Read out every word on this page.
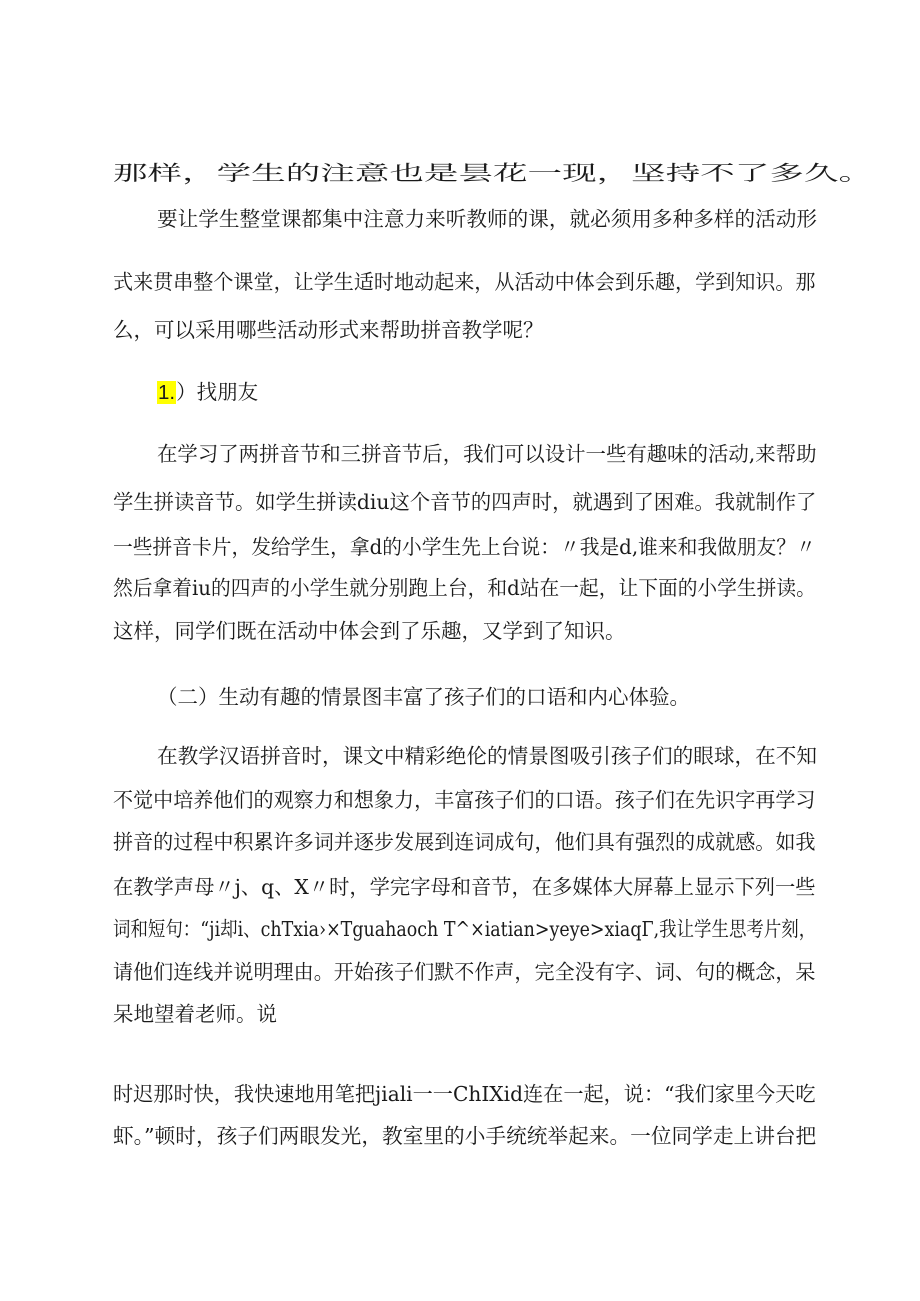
那样，学生的注意也是昙花一现，坚持不了多久。
要让学生整堂课都集中注意力来听教师的课，就必须用多种多样的活动形
式来贯串整个课堂，让学生适时地动起来，从活动中体会到乐趣，学到知识。那
么，可以采用哪些活动形式来帮助拼音教学呢？
1.）找朋友
在学习了两拼音节和三拼音节后，我们可以设计一些有趣味的活动,来帮助
学生拼读音节。如学生拼读diu这个音节的四声时，就遇到了困难。我就制作了
一些拼音卡片，发给学生，拿d的小学生先上台说：〃我是d,谁来和我做朋友？〃
然后拿着iu的四声的小学生就分别跑上台，和d站在一起，让下面的小学生拼读。
这样，同学们既在活动中体会到了乐趣，又学到了知识。
（二）生动有趣的情景图丰富了孩子们的口语和内心体验。
在教学汉语拼音时，课文中精彩绝伦的情景图吸引孩子们的眼球，在不知
不觉中培养他们的观察力和想象力，丰富孩子们的口语。孩子们在先识字再学习
拼音的过程中积累许多词并逐步发展到连词成句，他们具有强烈的成就感。如我
在教学声母〃j、q、X〃时，学完字母和音节，在多媒体大屏幕上显示下列一些
词和短句：“ji却i、chTxia›×Tguahaoch T^×iatian>yeye>xiaqΓ,我让学生思考片刻，
请他们连线并说明理由。开始孩子们默不作声，完全没有字、词、句的概念，呆
呆地望着老师。说
时迟那时快，我快速地用笔把jiali一一ChIXid连在一起，说：“我们家里今天吃
虾。”顿时，孩子们两眼发光，教室里的小手统统举起来。一位同学走上讲台把
